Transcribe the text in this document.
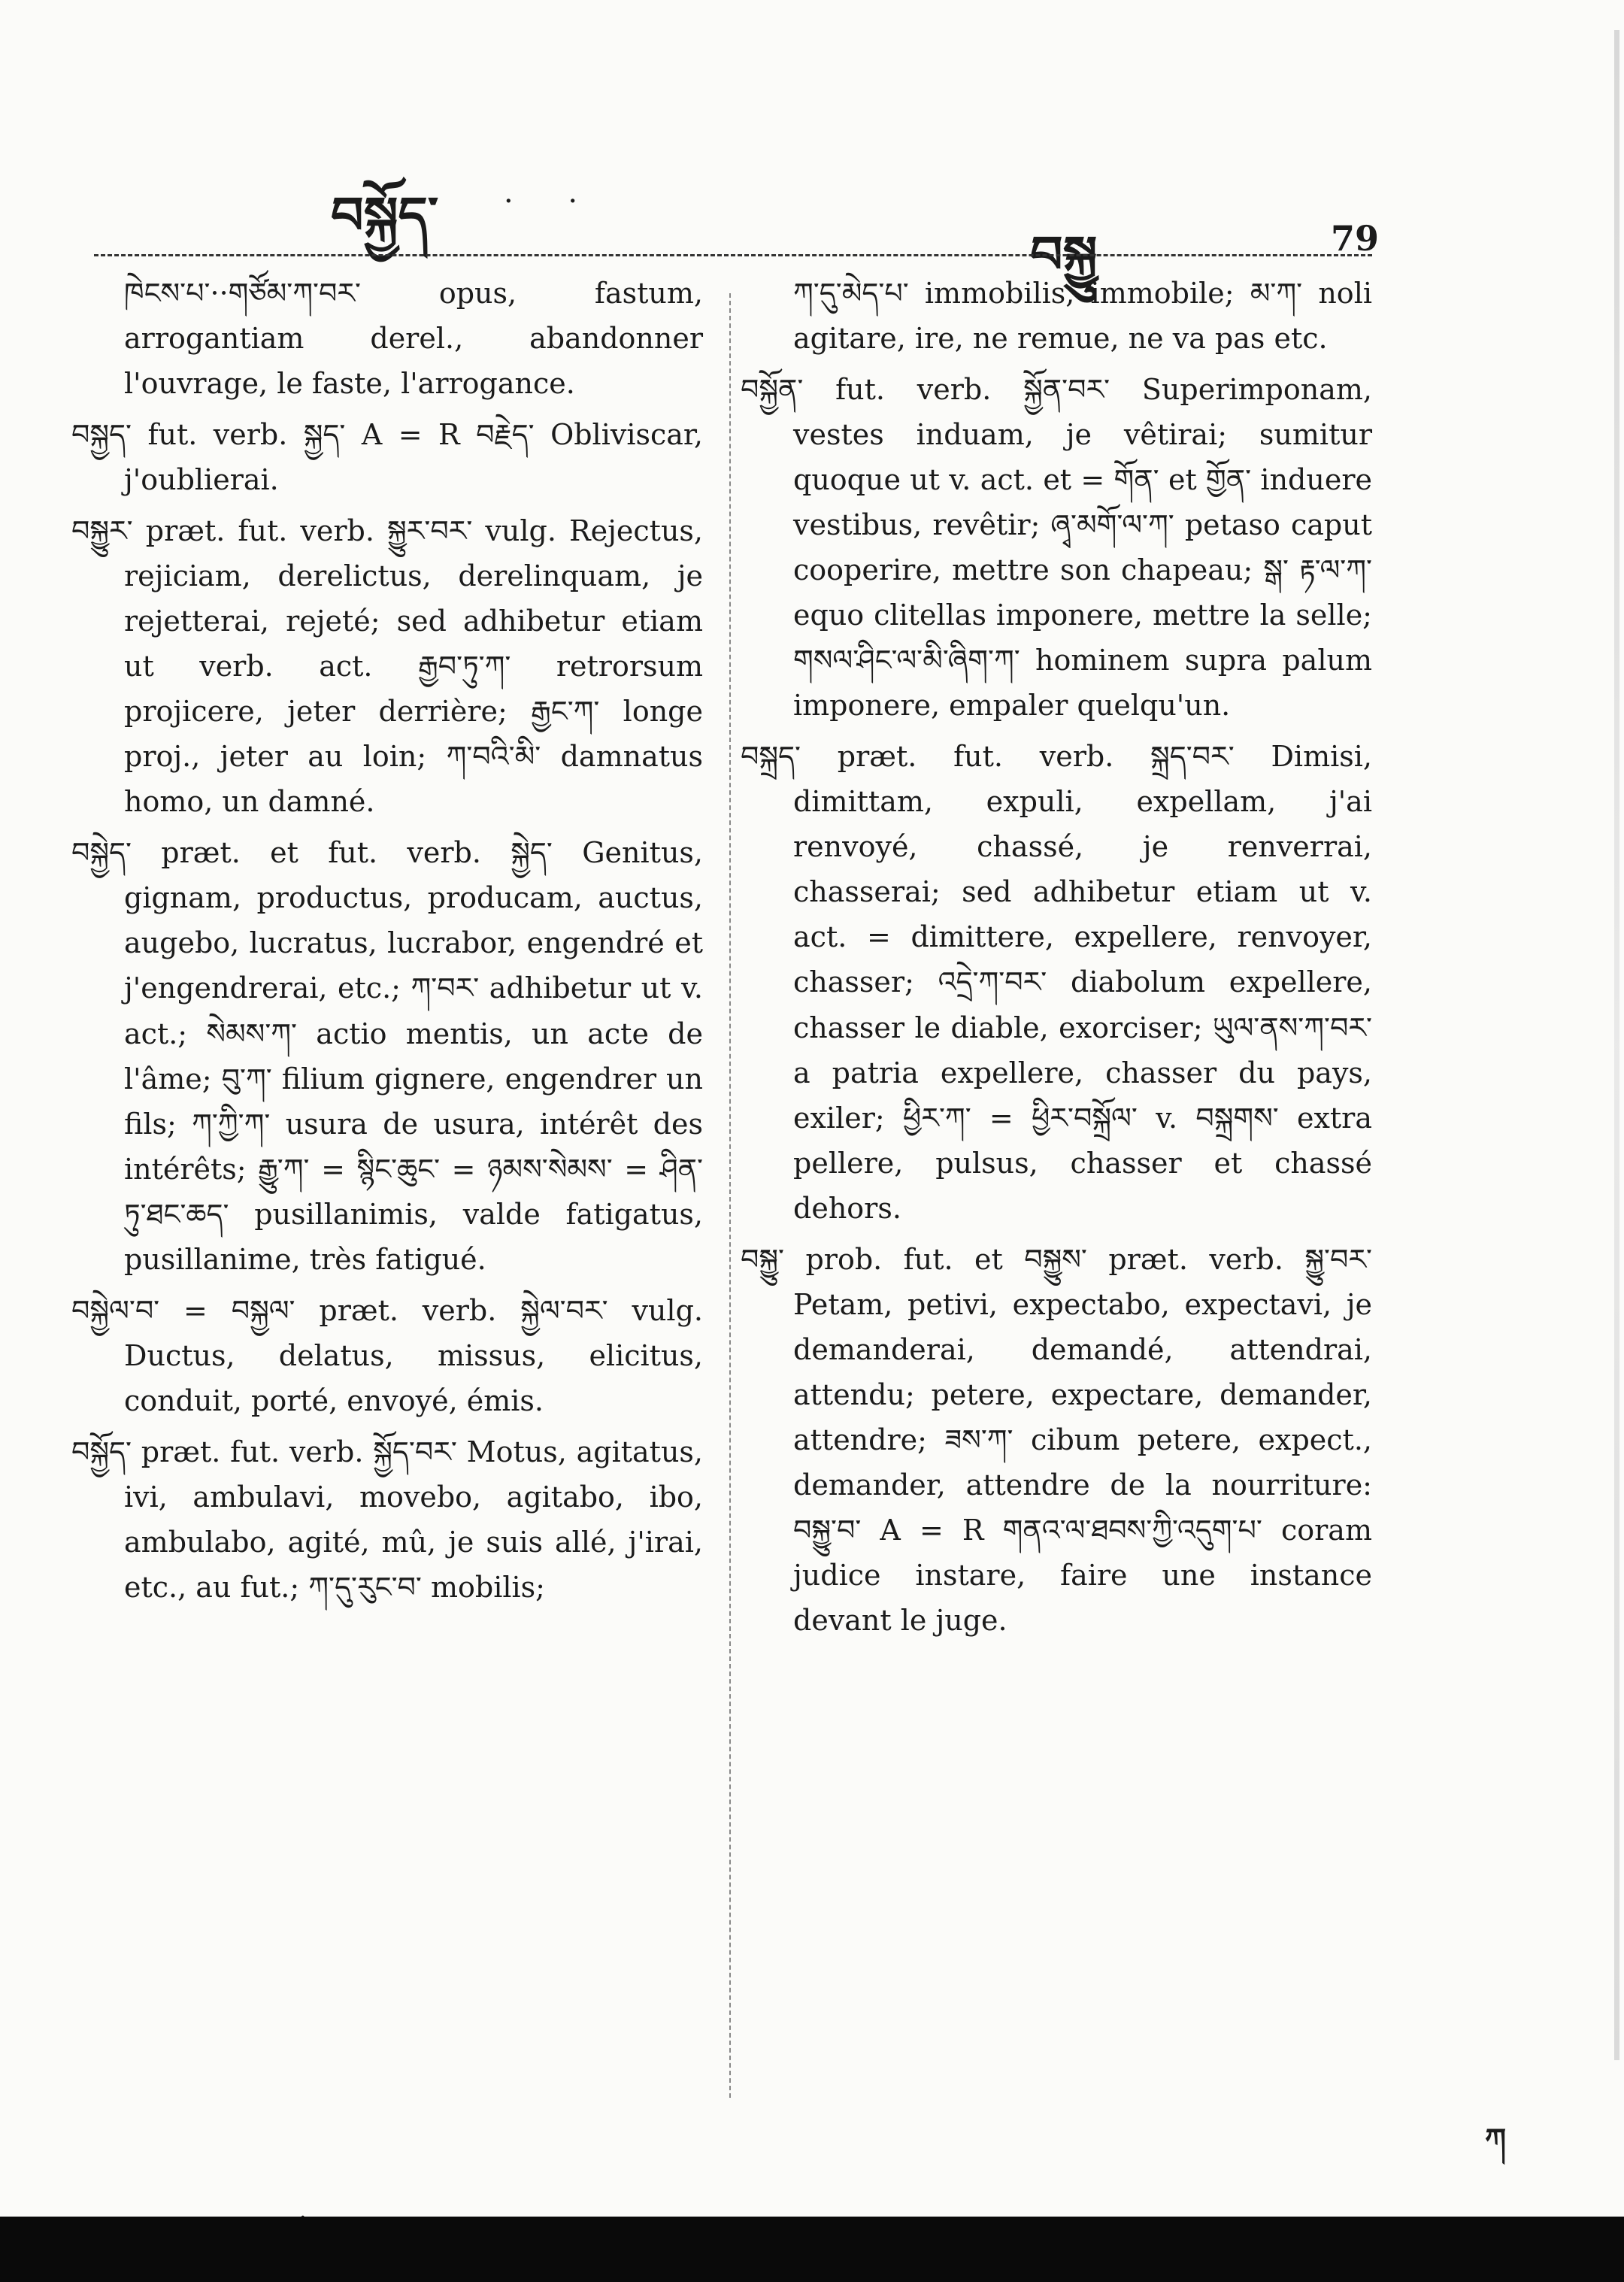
བསྐྱོད་ · ·
བསྐྱུ	79

ཁེངས་པ་··གཙོམ་ཀ་བར་ opus, fastum, arrogantiam derel., abandonner l'ouvrage, le faste, l'arrogance.

བསྐྱད་ fut. verb. སྐྱད་ A = R བརྗེད་ Obliviscar, j'oublierai.

བསྐྱུར་ præt. fut. verb. སྐྱུར་བར་ vulg. Rejectus, rejiciam, derelictus, derelinquam, je rejetterai, rejeté; sed adhibetur etiam ut verb. act. རྒྱབ་ཏུ་ཀ་ retrorsum projicere, jeter derrière; རྒྱང་ཀ་ longe proj., jeter au loin; ཀ་བའི་མི་ damnatus homo, un damné.

བསྐྱེད་ præt. et fut. verb. སྐྱེད་ Genitus, gignam, productus, producam, auctus, augebo, lucratus, lucrabor, engendré et j'engendrerai, etc.; ཀ་བར་ adhibetur ut v. act.; སེམས་ཀ་ actio mentis, un acte de l'âme; བུ་ཀ་ filium gignere, engendrer un fils; ཀ་ཀྱི་ཀ་ usura de usura, intérêt des intérêts; རྒྱུ་ཀ་ = སྙིང་ཆུང་ = ཉམས་སེམས་ = ཤིན་ཏུ་ཐང་ཆད་ pusillanimis, valde fatigatus, pusillanime, très fatigué.

བསྐྱེལ་བ་ = བསྐྱལ་ præt. verb. སྐྱེལ་བར་ vulg. Ductus, delatus, missus, elicitus, conduit, porté, envoyé, émis.

བསྐྱོད་ præt. fut. verb. སྐྱོད་བར་ Motus, agitatus, ivi, ambulavi, movebo, agitabo, ibo, ambulabo, agité, mû, je suis allé, j'irai, etc., au fut.; ཀ་དུ་རུང་བ་ mobilis;

ཀ་དུ་མེད་པ་ immobilis, immobile; མ་ཀ་ noli agitare, ire, ne remue, ne va pas etc.

བསྐྱོན་ fut. verb. སྐྱོན་བར་ Superimponam, vestes induam, je vêtirai; sumitur quoque ut v. act. et = གོན་ et གྱོན་ induere vestibus, revêtir; ཞྭ་མགོ་ལ་ཀ་ petaso caput cooperire, mettre son chapeau; སྒ་ རྟ་ལ་ཀ་ equo clitellas imponere, mettre la selle; གསལ་ཤིང་ལ་མི་ཞིག་ཀ་ hominem supra palum imponere, empaler quelqu'un.

བསྐྲད་ præt. fut. verb. སྐྲད་བར་ Dimisi, dimittam, expuli, expellam, j'ai renvoyé, chassé, je renverrai, chasserai; sed adhibetur etiam ut v. act. = dimittere, expellere, renvoyer, chasser; འདྲེ་ཀ་བར་ diabolum expellere, chasser le diable, exorciser; ཡུལ་ནས་ཀ་བར་ a patria expellere, chasser du pays, exiler; ཕྱིར་ཀ་ = ཕྱིར་བསྐྲོལ་ v. བསྐྲགས་ extra pellere, pulsus, chasser et chassé dehors.

བསྐྱུ་ prob. fut. et བསྐྱུས་ præt. verb. སྐྱུ་བར་ Petam, petivi, expectabo, expectavi, je demanderai, demandé, attendrai, attendu; petere, expectare, demander, attendre; ཟས་ཀ་ cibum petere, expect., demander, attendre de la nourriture: བསྐྱུ་བ་ A = R གནའ་ལ་ཐབས་ཀྱི་འདུག་པ་ coram judice instare, faire une instance devant le juge.

ཀ
